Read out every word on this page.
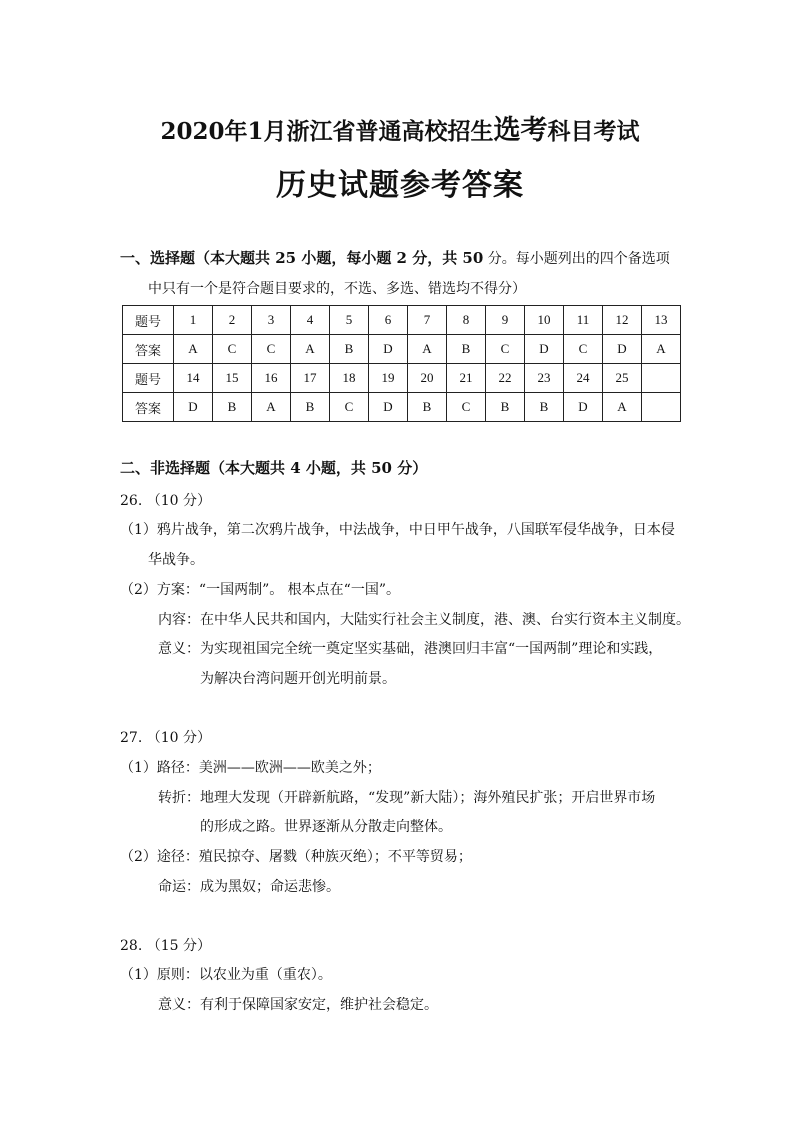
2020年1月浙江省普通高校招生选考科目考试
历史试题参考答案
一、选择题（本大题共 25 小题，每小题 2 分，共 50 分。每小题列出的四个备选项
中只有一个是符合题目要求的，不选、多选、错选均不得分）
题号	1	2	3	4	5	6	7	8	9	10	11	12	13
答案	A	C	C	A	B	D	A	B	C	D	C	D	A
题号	14	15	16	17	18	19	20	21	22	23	24	25	
答案	D	B	A	B	C	D	B	C	B	B	D	A	
二、非选择题（本大题共 4 小题，共 50 分）
26. （10 分）
（1）鸦片战争，第二次鸦片战争，中法战争，中日甲午战争，八国联军侵华战争，日本侵
华战争。
（2）方案：“一国两制”。 根本点在“一国”。
内容：在中华人民共和国内，大陆实行社会主义制度，港、澳、台实行资本主义制度。
意义：为实现祖国完全统一奠定坚实基础，港澳回归丰富“一国两制”理论和实践，
为解决台湾问题开创光明前景。
27. （10 分）
（1）路径：美洲——欧洲——欧美之外；
转折：地理大发现（开辟新航路，“发现”新大陆）；海外殖民扩张；开启世界市场
的形成之路。世界逐渐从分散走向整体。
（2）途径：殖民掠夺、屠戮（种族灭绝）；不平等贸易；
命运：成为黑奴；命运悲惨。
28. （15 分）
（1）原则：以农业为重（重农）。
意义：有利于保障国家安定，维护社会稳定。
